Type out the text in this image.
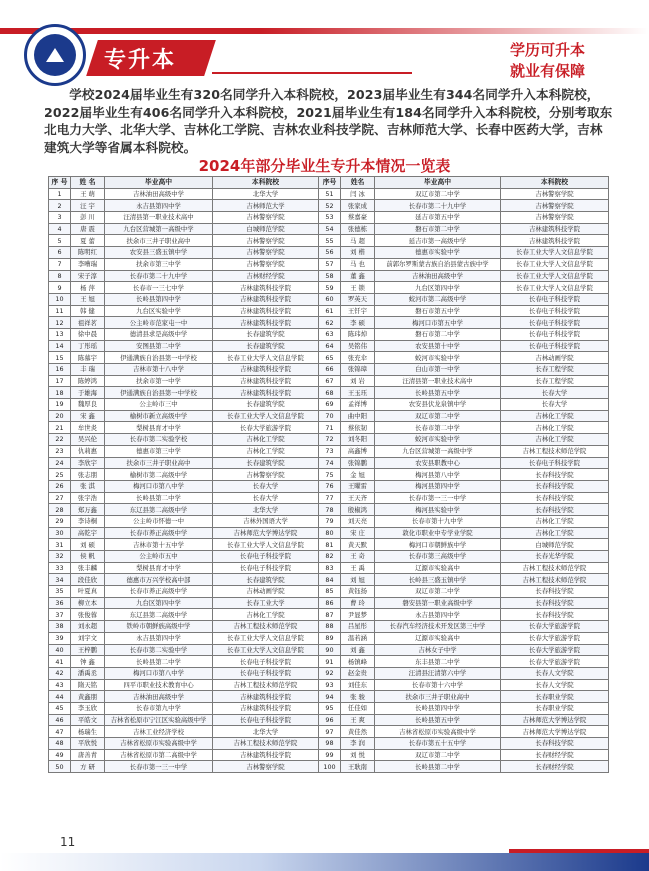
专升本	学历可升本
就业有保障
学校2024届毕业生有320名同学升入本科院校，2023届毕业生有344名同学升入本科院校，2022届毕业生有406名同学升入本科院校，2021届毕业生有184名同学升入本科院校，分别考取东北电力大学、北华大学、吉林化工学院、吉林农业科技学院、吉林师范大学、长春中医药大学，吉林建筑大学等省属本科院校。
2024年部分毕业生专升本情况一览表
序 号	姓 名	毕业高中	本科院校	序号	姓名	毕业高中	本科院校
1	王 萌	吉林油田高级中学	北华大学	51	闫 冰	双辽市第二中学	吉林警察学院
2	汪 宇	永吉县第四中学	吉林师范大学	52	张家成	长春市第二十九中学	吉林警察学院
3	彭 川	汪清县第一职业技术高中	吉林警察学院	53	蔡嘉豪	延吉市第五中学	吉林警察学院
4	唐 震	九台区营城第一高级中学	白城师范学院	54	张德栋	磐石市第二中学	吉林建筑科技学院
5	夏 蕾	扶余市三井子职业高中	吉林警察学院	55	马 超	延吉市第一高级中学	吉林建筑科技学院
6	陈明红	农安县三盛玉镇中学	吉林警察学院	56	刘 楷	德惠市实验中学	长春工业大学人文信息学院
7	李嘈瑞	扶余市第三中学	吉林警察学院	57	马 也	前郭尔罗斯蒙古族自治县蒙古族中学	长春工业大学人文信息学院
8	宋子淳	长春市第二十九中学	吉林财经学院	58	董 鑫	吉林油田高级中学	长春工业大学人文信息学院
9	杨 萍	长春市一三七中学	吉林建筑科技学院	59	王 锁	九台区第四中学	长春工业大学人文信息学院
10	王 旭	长岭县第四中学	吉林建筑科技学院	60	罗英天	蛟河市第二高级中学	长春电子科技学院
11	韩 健	九台区实验中学	吉林建筑科技学院	61	王钎宇	磐石市第五中学	长春电子科技学院
12	祖祥茗	公主岭市范家屯一中	吉林建筑科技学院	62	李 硕	梅河口市第五中学	长春电子科技学院
13	徐中晨	德清县求是高级中学	长春建筑学院	63	陈玮焯	磐石市第二中学	长春电子科技学院
14	丁彤瑶	安图县第二中学	长春建筑学院	64	吴铭伟	农安县第十中学	长春电子科技学院
15	陈慕宇	伊通满族自治县第一中学校	长春工业大学人文信息学院	65	张充伞	蛟河市实验中学	吉林动画学院
16	丰 瑞	吉林市第十八中学	吉林建筑科技学院	66	张锦璋	白山市第一中学	长春工程学院
17	陈婷鸿	扶余市第一中学	吉林建筑科技学院	67	刘 岩	汪清县第一职业技术高中	长春工程学院
18	于雄海	伊通满族自治县第一中学校	吉林建筑科技学院	68	王玉珏	长岭县第五中学	长春大学
19	魏厚良	公主岭市三中	长春建筑学院	69	孟祥博	农安县伏龙泉镇中学	长春大学
20	宋 鑫	榆树市新立高级中学	长春工业大学人文信息学院	70	曲中阳	双辽市第二中学	吉林化工学院
21	牟世炎	梨树县育才中学	长春大学旅游学院	71	蔡依韧	长春市第二中学	吉林化工学院
22	吴兴伦	长春市第二实验学校	吉林化工学院	72	刘冬阳	蛟河市实验中学	吉林化工学院
23	仇莉惠	德惠市第三中学	吉林化工学院	73	高鑫博	九台区营城第一高级中学	吉林工程技术师范学院
24	李欣宇	扶余市三井子职业高中	长春建筑学院	74	张锦鹏	农安县职教中心	长春电子科技学院
25	张志朋	榆树市第二高级中学	吉林警察学院	75	金 旭	梅河县第八中学	长春科技学院
26	张 淇	梅河口市第八中学	长春大学	76	王曜雷	梅河县第四中学	长春科技学院
27	张宇浩	长岭县第二中学	长春大学	77	王天齐	长春市第一三一中学	长春科技学院
28	郑万鑫	东辽县第二高级中学	北华大学	78	殷椒鸿	梅河县实验中学	长春科技学院
29	李诗桐	公主岭市怀德一中	吉林外国语大学	79	刘天亮	长春市第十九中学	吉林化工学院
30	高乾宇	长春市养正高级中学	吉林师范大学博达学院	80	宋 庄	敦化市职业中专学业学院	吉林化工学院
31	刘 硕	吉林市第十五中学	长春工业大学人文信息学院	81	黄天默	梅河口市朝鲜族中学	白城师范学院
32	侯 帆	公主岭市五中	长春电子科技学院	82	王 奇	长春市第三高级中学	长春光华学院
33	张丰麟	梨树县育才中学	长春电子科技学院	83	王 禹	辽源市实验高中	吉林工程技术师范学院
34	段佳欣	德惠市万兴学校高中部	长春建筑学院	84	刘 旭	长岭县三盛玉镇中学	吉林工程技术师范学院
35	叶夏真	长春市养正高级中学	吉林动画学院	85	黄钰扬	双辽市第二中学	长春科技学院
36	柳立本	九台区第四中学	长春工业大学	86	曹 玲	磐安县第一职业高级中学	长春科技学院
37	张俊蓉	东辽县第二高级中学	吉林化工学院	87	尹显梦	永吉县第四中学	长春科技学院
38	刘永超	铁岭市朝鲜族高级中学	吉林工程技术师范学院	88	吕星彤	长春汽车经济技术开发区第三中学	长春大学旅游学院
39	刘宇文	永吉县第四中学	长春工业大学人文信息学院	89	温若涵	辽源市实验高中	长春大学旅游学院
40	王梓鹏	长春市第二实验中学	长春工业大学人文信息学院	90	刘 鑫	吉林女子中学	长春大学旅游学院
41	钟 鑫	长岭县第二中学	长春电子科技学院	91	杨镇峰	东丰县第二中学	长春大学旅游学院
42	潘禹丞	梅河口市第八中学	长春电子科技学院	92	赵金贵	汪清县汪清第六中学	长春人文学院
43	隋天铭	四平市职业技术教育中心	吉林工程技术师范学院	93	刘佳东	长春市第十六中学	长春人文学院
44	黄鑫朋	吉林油田高级中学	吉林建筑科技学院	94	张 骏	扶余市三井子职业高中	长春职业学院
45	李玉欣	长春市第九中学	吉林建筑科技学院	95	任佳如	长岭县第四中学	长春职业学院
46	平皓文	吉林省松原市宁江区实验高级中学	长春电子科技学院	96	王 爽	长岭县第五中学	吉林师范大学博达学院
47	杨瑞生	吉林工业经济学校	北华大学	97	黄佳然	吉林省松原市实验高级中学	吉林师范大学博达学院
48	平欣悦	吉林省松原市实验高级中学	吉林工程技术师范学院	98	李 润	长春市第五十五中学	长春科技学院
49	唐善青	吉林省松原市第二高级中学	吉林建筑科技学院	99	刘 悦	双辽市第二中学	长春财经学院
50	方 研	长春市第一三一中学	吉林警察学院	100	王耿南	长岭县第二中学	长春财经学院
11
